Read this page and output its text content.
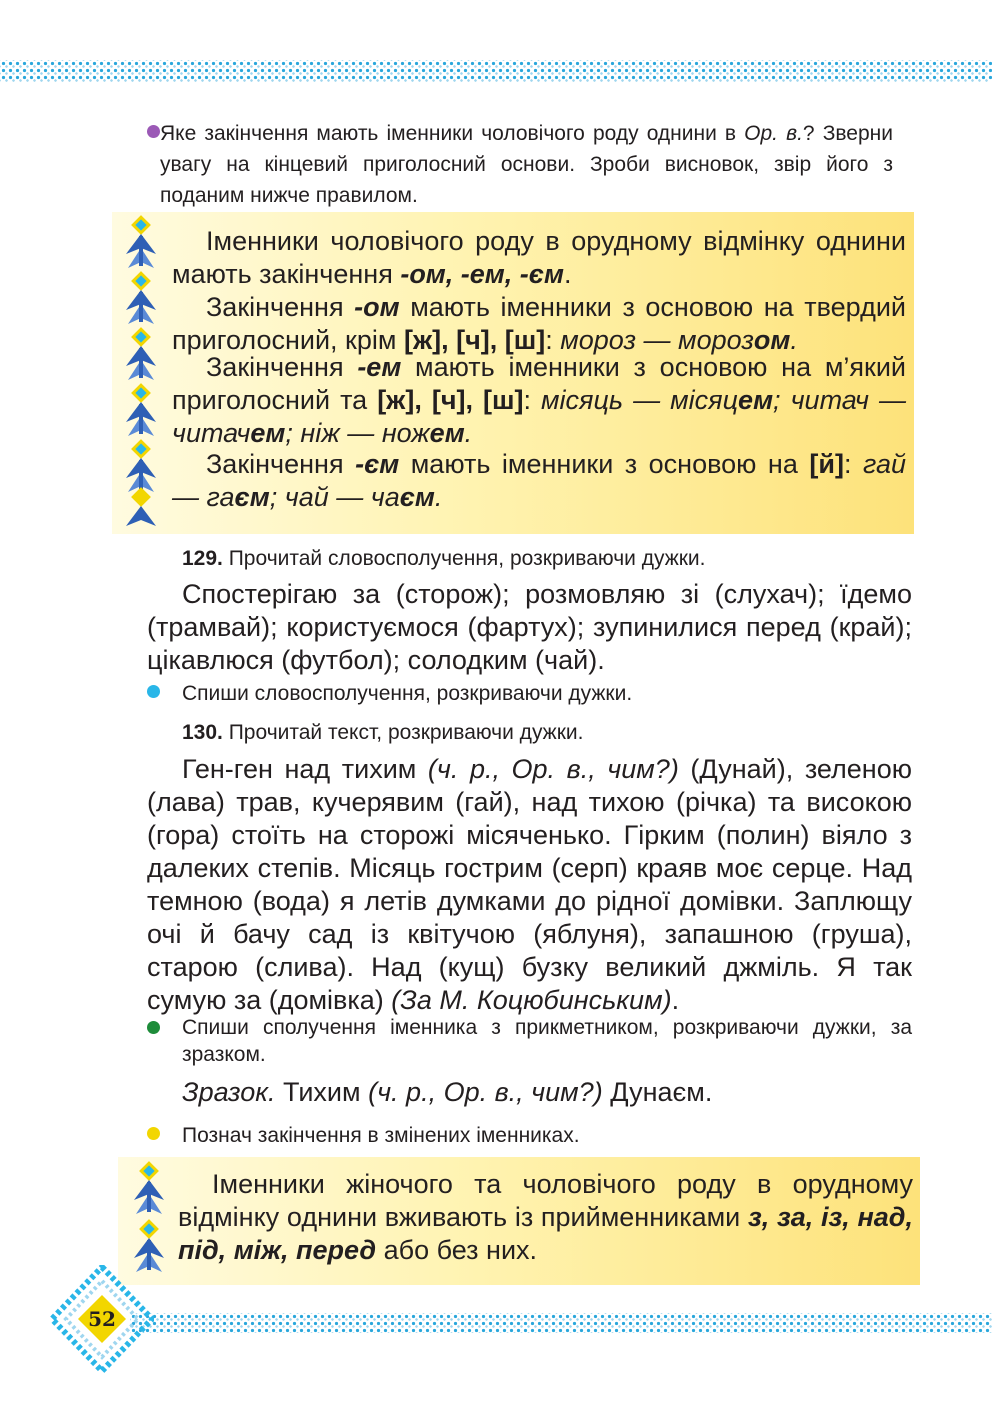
Яке закінчення мають іменники чоловічого роду однини в Ор. в.? Зверни увагу на кінцевий приголосний основи. Зроби висновок, звір його з поданим нижче правилом.

Іменники чоловічого роду в орудному відмінку однини мають закінчення -ом, -ем, -єм.

Закінчення -ом мають іменники з основою на твердий приголосний, крім [ж], [ч], [ш]: мороз — морозом.

Закінчення -ем мають іменники з основою на м’який приголосний та [ж], [ч], [ш]: місяць — місяцем; читач — читачем; ніж — ножем.

Закінчення -єм мають іменники з основою на [й]: гай — гаєм; чай — чаєм.

129. Прочитай словосполучення, розкриваючи дужки.

Спостерігаю за (сторож); розмовляю зі (слухач); їдемо (трамвай); користуємося (фартух); зупинилися перед (край); цікавлюся (футбол); солодким (чай).

Спиши словосполучення, розкриваючи дужки.

130. Прочитай текст, розкриваючи дужки.

Ген-ген над тихим (ч. р., Ор. в., чим?) (Дунай), зеленою (лава) трав, кучерявим (гай), над тихою (річка) та високою (гора) стоїть на сторожі місяченько. Гірким (полин) віяло з далеких степів. Місяць гострим (серп) краяв моє серце. Над темною (вода) я летів думками до рідної домівки. Заплющу очі й бачу сад із квітучою (яблуня), запашною (груша), старою (слива). Над (кущ) бузку великий джміль. Я так сумую за (домівка) (За М. Коцюбинським).

Спиши сполучення іменника з прикметником, розкриваючи дужки, за зразком.

Зразок. Тихим (ч. р., Ор. в., чим?) Дунаєм.

Познач закінчення в змінених іменниках.

Іменники жіночого та чоловічого роду в орудному відмінку однини вживають із прийменниками з, за, із, над, під, між, перед або без них.

52
